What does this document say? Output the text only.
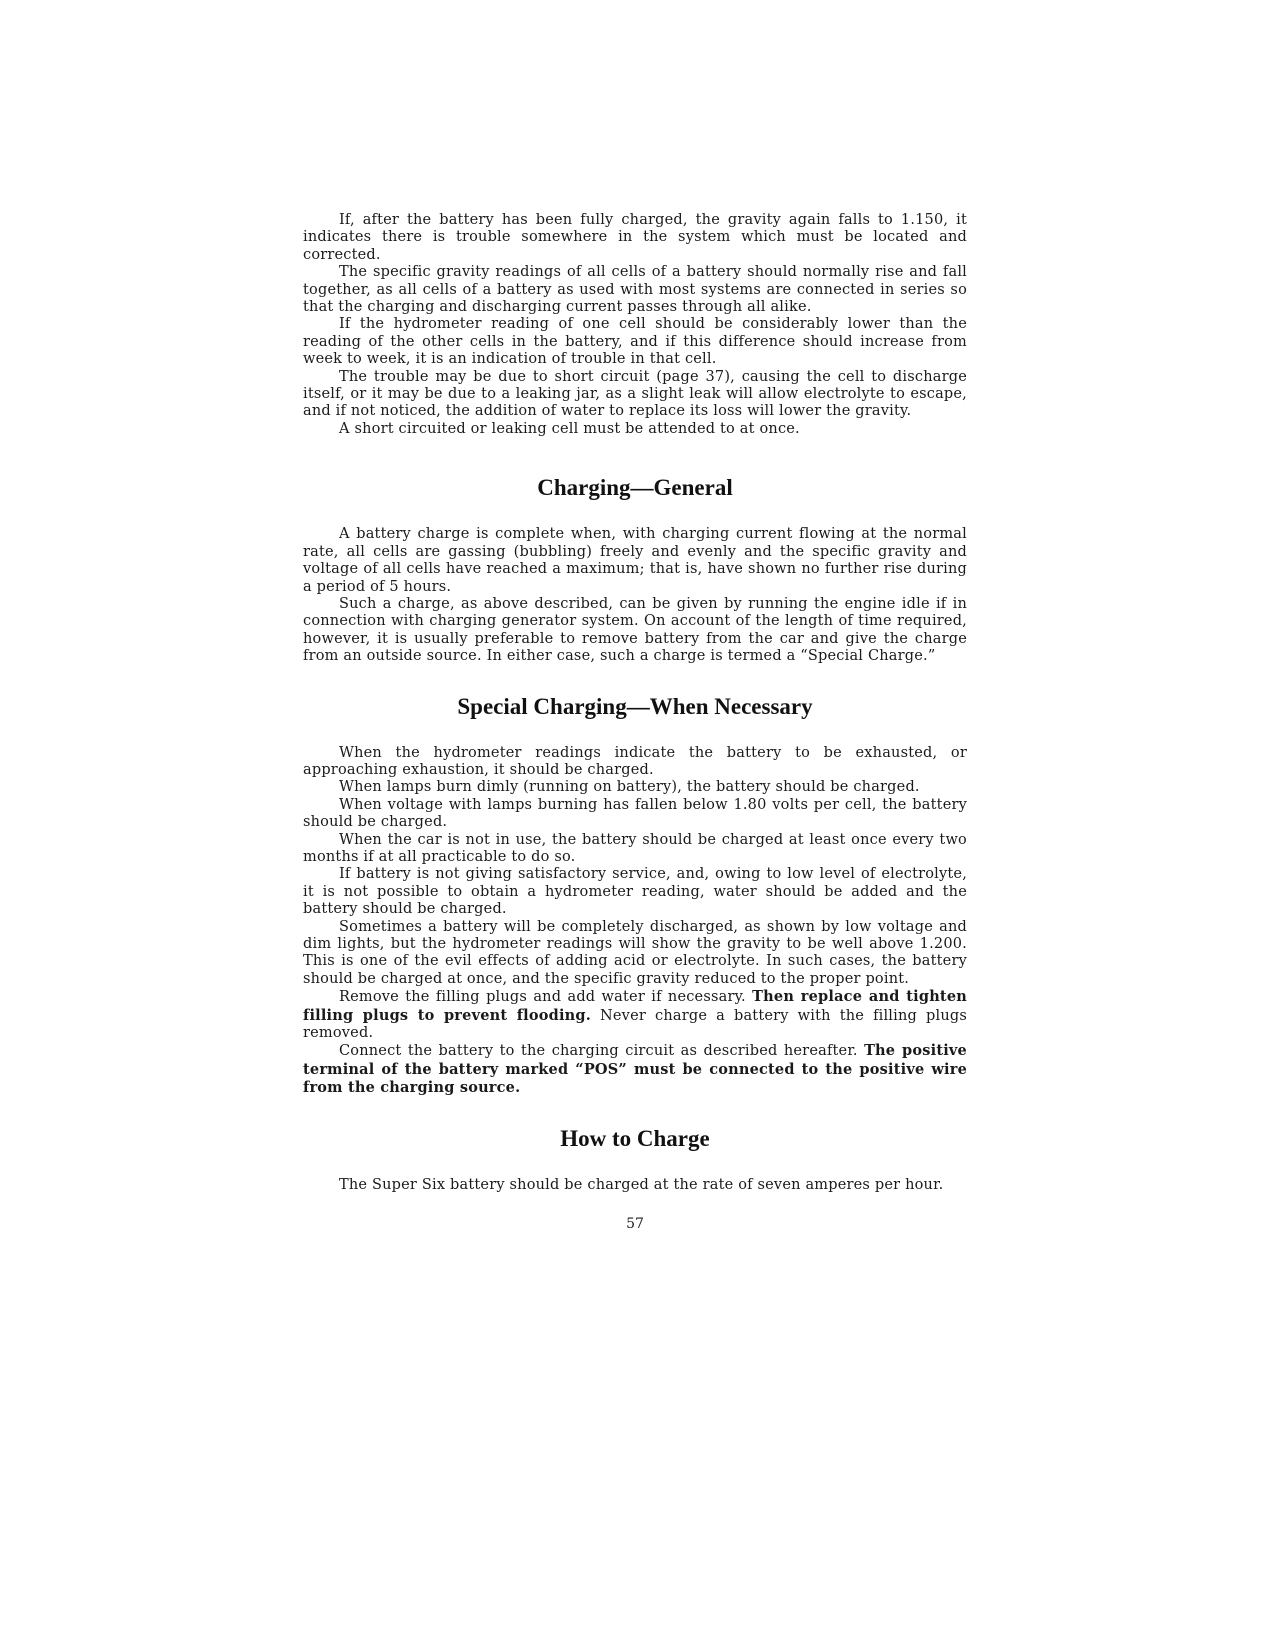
If, after the battery has been fully charged, the gravity again falls to 1.150, it indicates there is trouble somewhere in the system which must be located and corrected.

The specific gravity readings of all cells of a battery should normally rise and fall together, as all cells of a battery as used with most systems are connected in series so that the charging and discharging current passes through all alike.

If the hydrometer reading of one cell should be considerably lower than the reading of the other cells in the battery, and if this difference should increase from week to week, it is an indication of trouble in that cell.

The trouble may be due to short circuit (page 37), causing the cell to discharge itself, or it may be due to a leaking jar, as a slight leak will allow electrolyte to escape, and if not noticed, the addition of water to replace its loss will lower the gravity.

A short circuited or leaking cell must be attended to at once.

Charging—General

A battery charge is complete when, with charging current flowing at the normal rate, all cells are gassing (bubbling) freely and evenly and the specific gravity and voltage of all cells have reached a maximum; that is, have shown no further rise during a period of 5 hours.

Such a charge, as above described, can be given by running the engine idle if in connection with charging generator system. On account of the length of time required, however, it is usually preferable to remove battery from the car and give the charge from an outside source. In either case, such a charge is termed a “Special Charge.”

Special Charging—When Necessary

When the hydrometer readings indicate the battery to be exhausted, or approaching exhaustion, it should be charged.

When lamps burn dimly (running on battery), the battery should be charged.

When voltage with lamps burning has fallen below 1.80 volts per cell, the battery should be charged.

When the car is not in use, the battery should be charged at least once every two months if at all practicable to do so.

If battery is not giving satisfactory service, and, owing to low level of electrolyte, it is not possible to obtain a hydrometer reading, water should be added and the battery should be charged.

Sometimes a battery will be completely discharged, as shown by low voltage and dim lights, but the hydrometer readings will show the gravity to be well above 1.200. This is one of the evil effects of adding acid or electrolyte. In such cases, the battery should be charged at once, and the specific gravity reduced to the proper point.

Remove the filling plugs and add water if necessary. Then replace and tighten filling plugs to prevent flooding. Never charge a battery with the filling plugs removed.

Connect the battery to the charging circuit as described hereafter. The positive terminal of the battery marked “POS” must be connected to the positive wire from the charging source.

How to Charge

The Super Six battery should be charged at the rate of seven amperes per hour.

57
